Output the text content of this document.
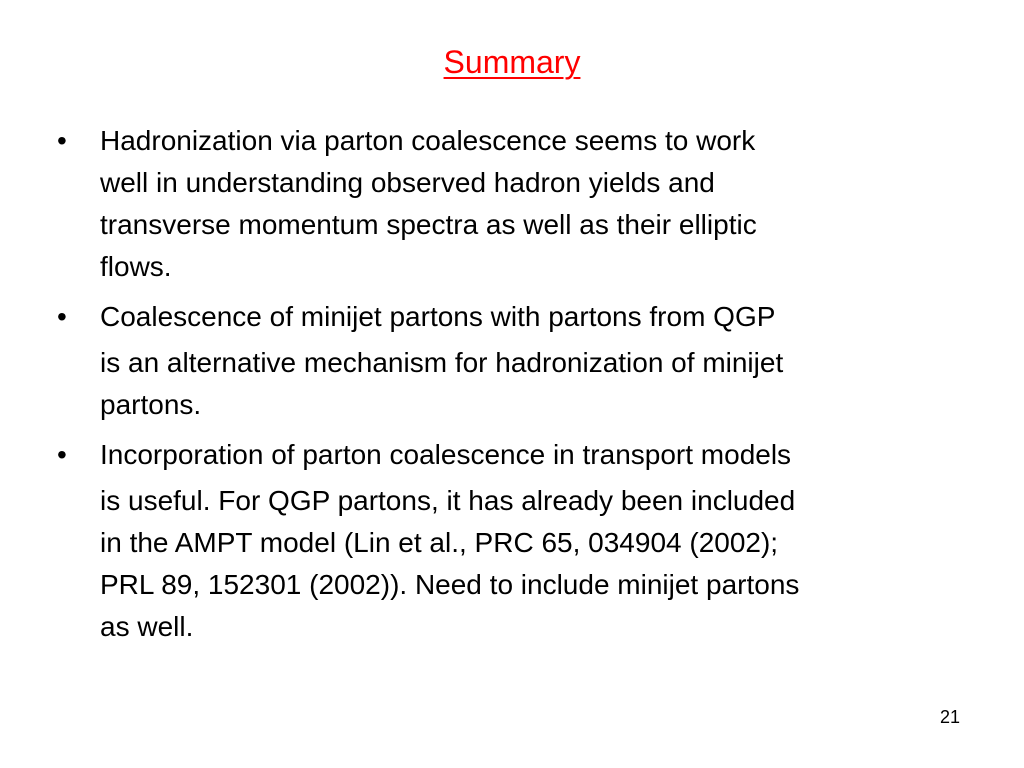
Summary
• Hadronization via parton coalescence seems to work
well in understanding observed hadron yields and
transverse momentum spectra as well as their elliptic
flows.
• Coalescence of minijet partons with partons from QGP
is an alternative mechanism for hadronization of minijet
partons.
• Incorporation of parton coalescence in transport models
is useful. For QGP partons, it has already been included
in the AMPT model (Lin et al., PRC 65, 034904 (2002);
PRL 89, 152301 (2002)). Need to include minijet partons
as well.
21
